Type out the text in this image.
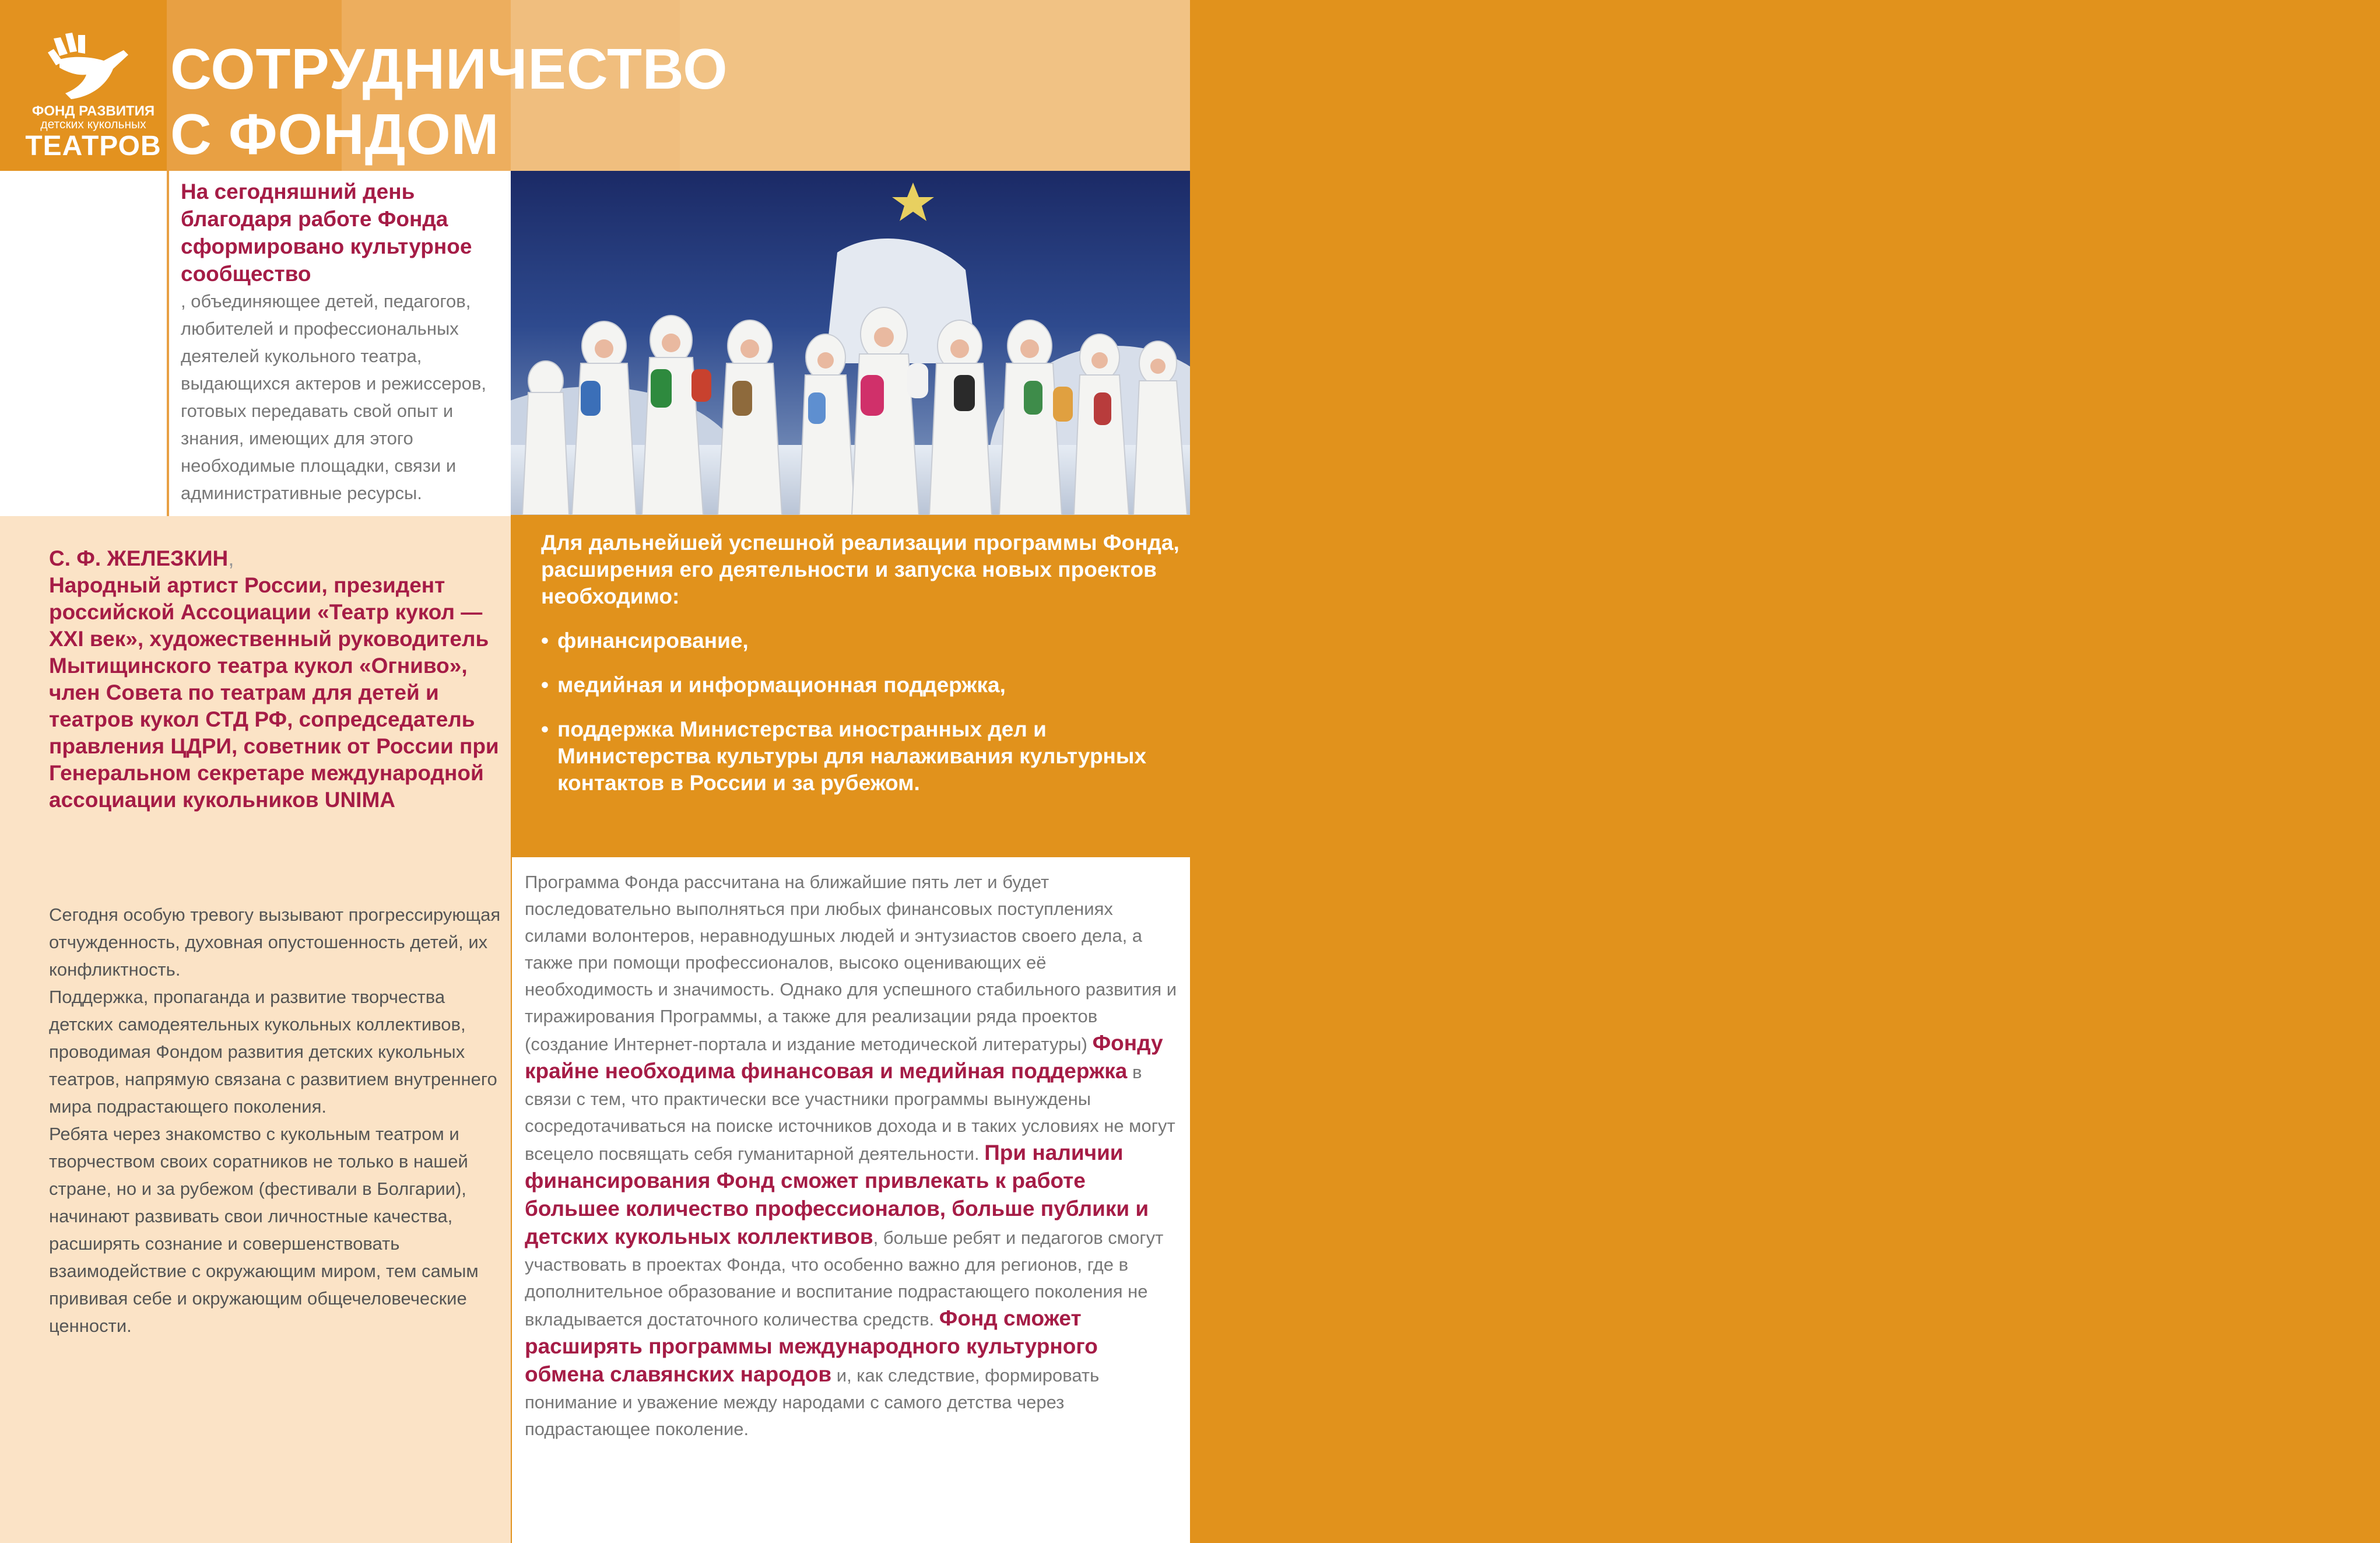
ФОНД РАЗВИТИЯ
детских кукольных
ТЕАТРОВ
СОТРУДНИЧЕСТВО
С ФОНДОМ

На сегодняшний день благодаря работе Фонда сформировано культурное сообщество
, объединяющее детей, педагогов, любителей и профессиональных деятелей кукольного театра, выдающихся актеров и режиссеров, готовых передавать свой опыт и знания, имеющих для этого необходимые площадки, связи и административные ресурсы.

С. Ф. ЖЕЛЕЗКИН,

Народный артист России, президент российской Ассоциации «Театр кукол — XXI век», художественный руководитель Мытищинского театра кукол «Огниво», член Совета по театрам для детей и театров кукол СТД РФ, сопредседатель правления ЦДРИ, советник от России при Генеральном секретаре международной ассоциации кукольников UNIMA

Сегодня особую тревогу вызывают прогрессирующая отчужденность, духовная опустошенность детей, их конфликтность.
Поддержка, пропаганда и развитие творчества детских самодеятельных кукольных коллективов, проводимая Фондом развития детских кукольных театров, напрямую связана с развитием внутреннего мира подрастающего поколения.
Ребята через знакомство с кукольным театром и творчеством своих соратников не только в нашей стране, но и за рубежом (фестивали в Болгарии), начинают развивать свои личностные качества, расширять сознание и совершенствовать взаимодействие с окружающим миром, тем самым прививая себе и окружающим общечеловеческие ценности.

Для дальнейшей успешной реализации программы Фонда, расширения его деятельности и запуска новых проектов необходимо:

• финансирование,
• медийная и информационная поддержка,
• поддержка Министерства иностранных дел и Министерства культуры для налаживания культурных контактов в России и за рубежом.

Программа Фонда рассчитана на ближайшие пять лет и будет последовательно выполняться при любых финансовых поступлениях силами волонтеров, неравнодушных людей и энтузиастов своего дела, а также при помощи профессионалов, высоко оценивающих её необходимость и значимость. Однако для успешного стабильного развития и тиражирования Программы, а также для реализации ряда проектов (создание Интернет-портала и издание методической литературы) Фонду крайне необходима финансовая и медийная поддержка в связи с тем, что практически все участники программы вынуждены сосредотачиваться на поиске источников дохода и в таких условиях не могут всецело посвящать себя гуманитарной деятельности. При наличии финансирования Фонд сможет привлекать к работе большее количество профессионалов, больше публики и детских кукольных коллективов, больше ребят и педагогов смогут участвовать в проектах Фонда, что особенно важно для регионов, где в дополнительное образование и воспитание подрастающего поколения не вкладывается достаточного количества средств. Фонд сможет расширять программы международного культурного обмена славянских народов и, как следствие, формировать понимание и уважение между народами с самого детства через подрастающее поколение.
